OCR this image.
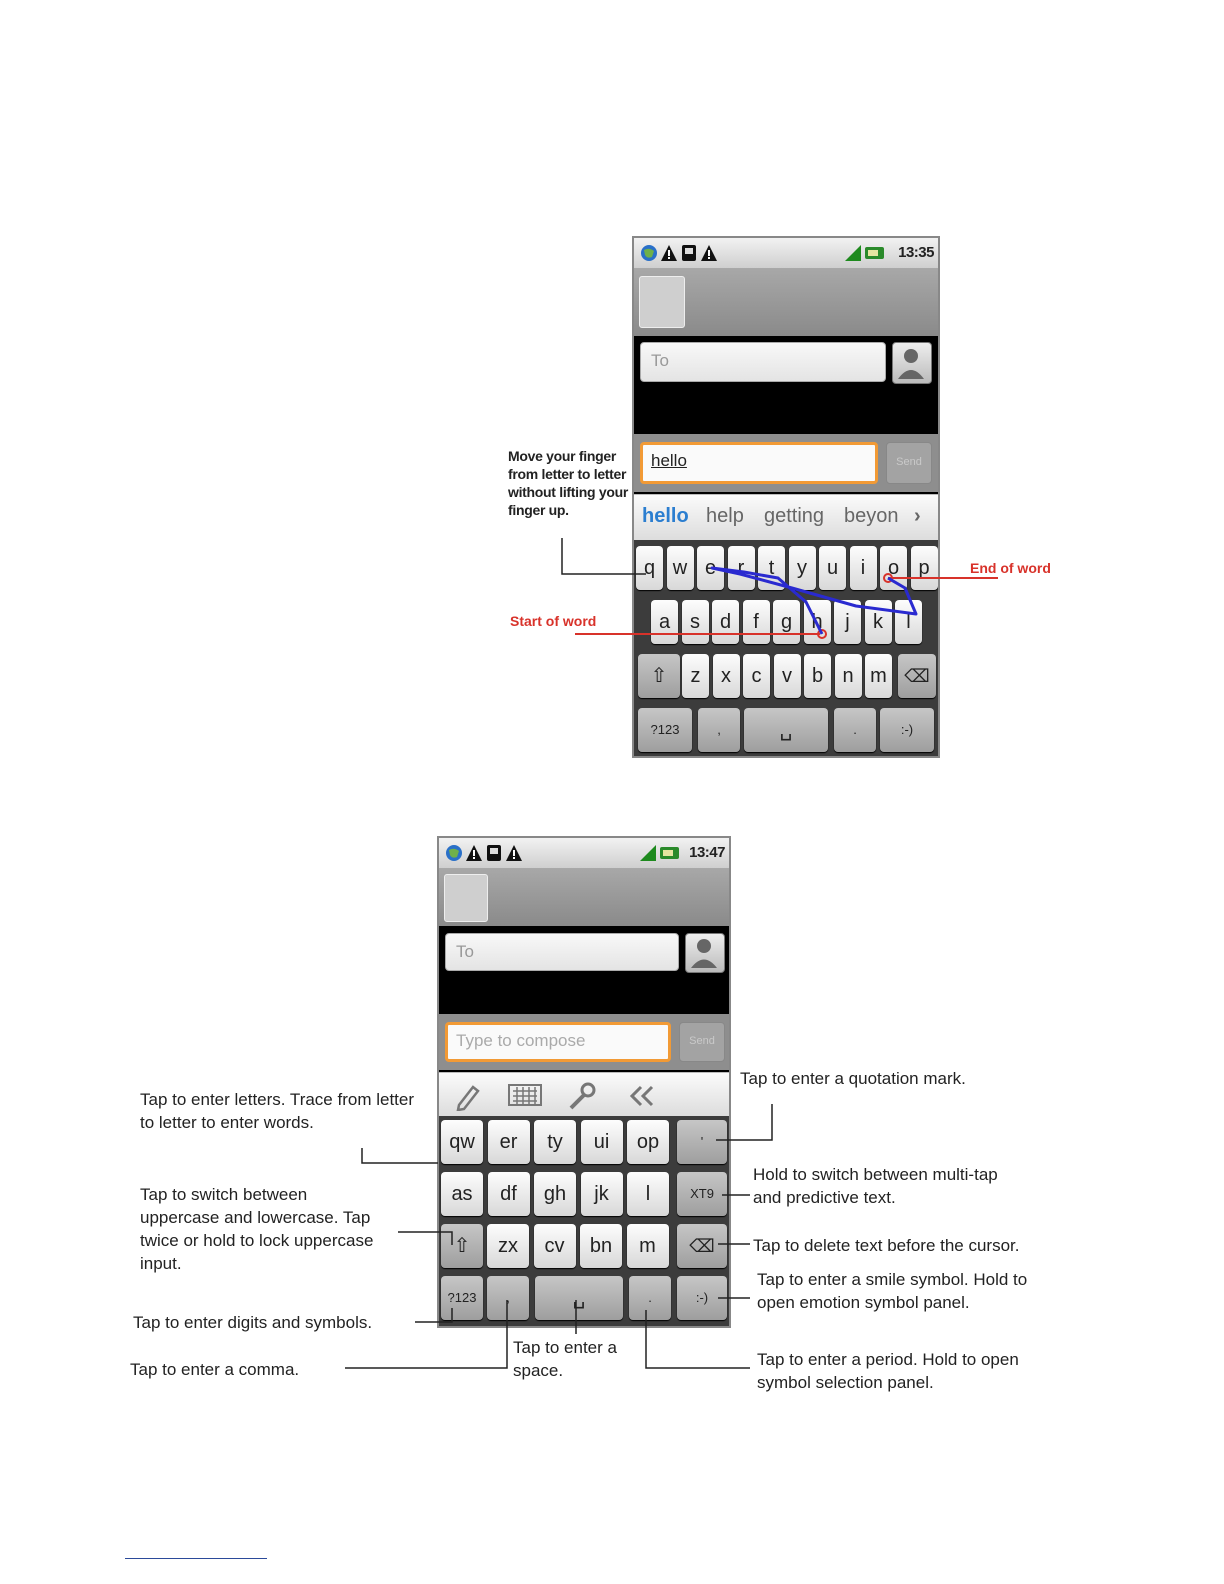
13:35
To
hello	Send
hello help getting beyon ›
q w e	r	t	y u	i	o p
a s d	f	g h	j	k	l
⇧	z	x	c	v b n m ⌫
?123	,	␣	.	:-)
Move your finger from letter to letter without lifting your finger up.
Start of word
End of word
13:47
To
Type to compose	Send
qw	er	ty	ui	op	'
as	df	gh	jk	l	XT9
⇧	zx	cv	bn	m	⌫
?123	,	␣	.	:-)
Tap to enter letters. Trace from letter to letter to enter words.
Tap to switch between uppercase and lowercase. Tap twice or hold to lock uppercase input.
Tap to enter digits and symbols.
Tap to enter a comma.
Tap to enter a space.
Tap to enter a period. Hold to open symbol selection panel.
Tap to enter a smile symbol. Hold to open emotion symbol panel.
Tap to delete text before the cursor.
Hold to switch between multi-tap and predictive text.
Tap to enter a quotation mark.
